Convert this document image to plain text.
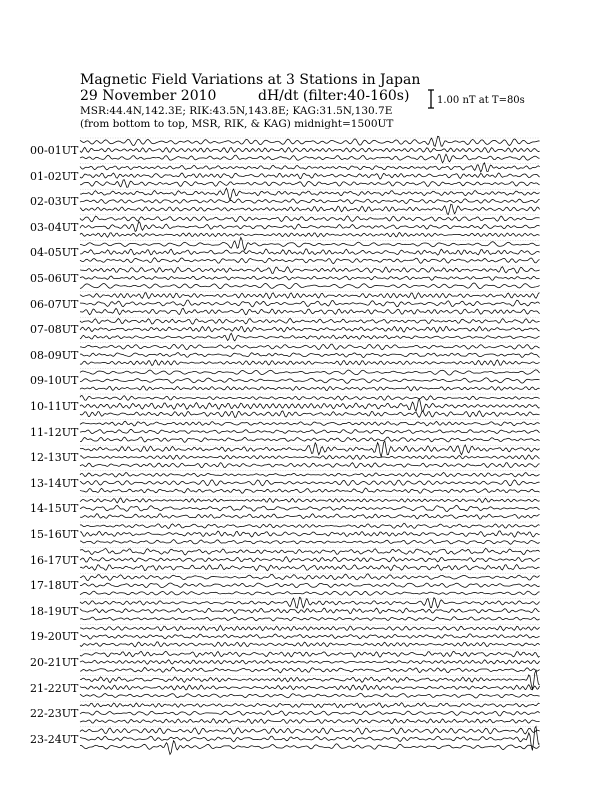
Magnetic Field Variations at 3 Stations in Japan
29 November 2010	dH/dt (filter:40-160s)
MSR:44.4N,142.3E; RIK:43.5N,143.8E; KAG:31.5N,130.7E
(from bottom to top, MSR, RIK, & KAG) midnight=1500UT
1.00 nT at T=80s
00-01UT
01-02UT
02-03UT
03-04UT
04-05UT
05-06UT
06-07UT
07-08UT
08-09UT
09-10UT
10-11UT
11-12UT
12-13UT
13-14UT
14-15UT
15-16UT
16-17UT
17-18UT
18-19UT
19-20UT
20-21UT
21-22UT
22-23UT
23-24UT
